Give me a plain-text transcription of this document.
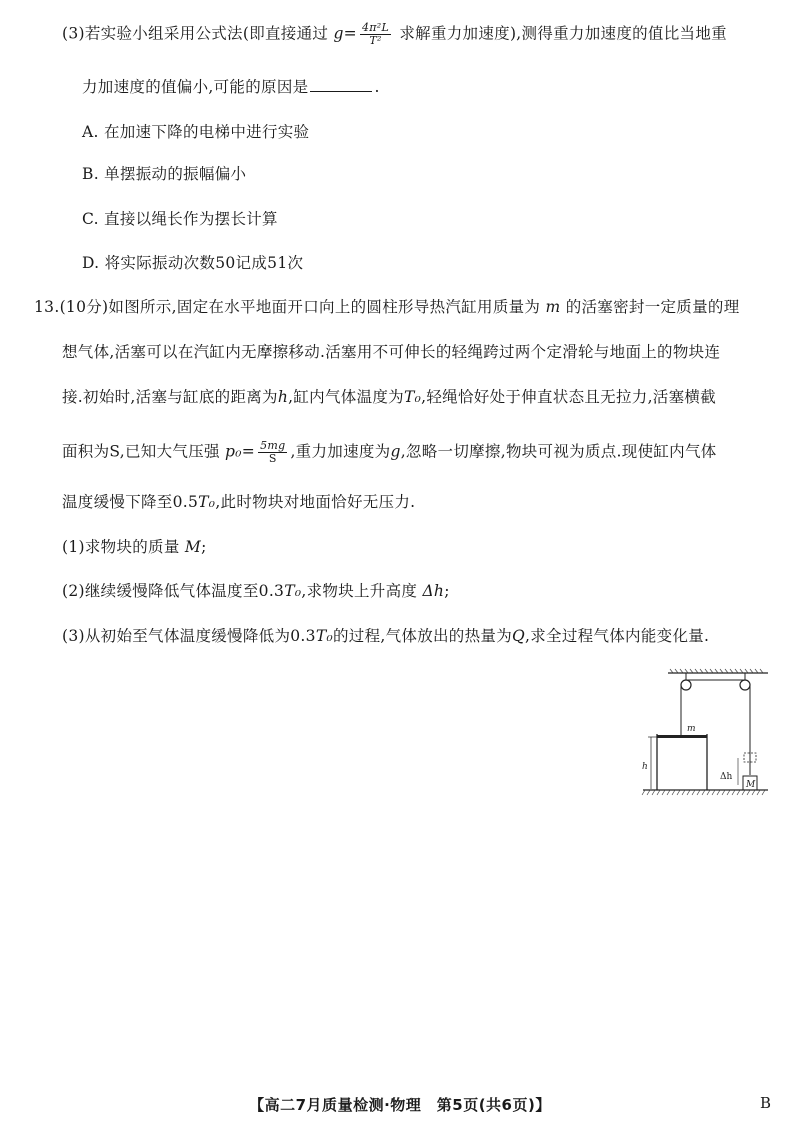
(3)若实验小组采用公式法(即直接通过 $g= \frac{\text{4π²L}}{\text{T²}}$ 求解重力加速度),测得重力加速度的值比当地重
力加速度的值偏小,可能的原因是	.
A. 在加速下降的电梯中进行实验
B. 单摆振动的振幅偏小
C. 直接以绳长作为摆长计算
D. 将实际振动次数50记成51次
13.(10分)如图所示,固定在水平地面开口向上的圆柱形导热汽缸用质量为 m 的活塞密封一定质量的理
想气体,活塞可以在汽缸内无摩擦移动.活塞用不可伸长的轻绳跨过两个定滑轮与地面上的物块连
接.初始时,活塞与缸底的距离为h,缸内气体温度为T₀,轻绳恰好处于伸直状态且无拉力,活塞横截
面积为S,已知大气压强 $p_0= \frac{5mg}{S}$ ,重力加速度为g,忽略一切摩擦,物块可视为质点.现使缸内气体
温度缓慢下降至0.5T₀,此时物块对地面恰好无压力.
(1)求物块的质量 M;
(2)继续缓慢降低气体温度至0.3T₀,求物块上升高度 Δh;
(3)从初始至气体温度缓慢降低为0.3T₀的过程,气体放出的热量为Q,求全过程气体内能变化量.
m
h
Δh
M
【高二7月质量检测·物理　第5页(共6页)】	B
